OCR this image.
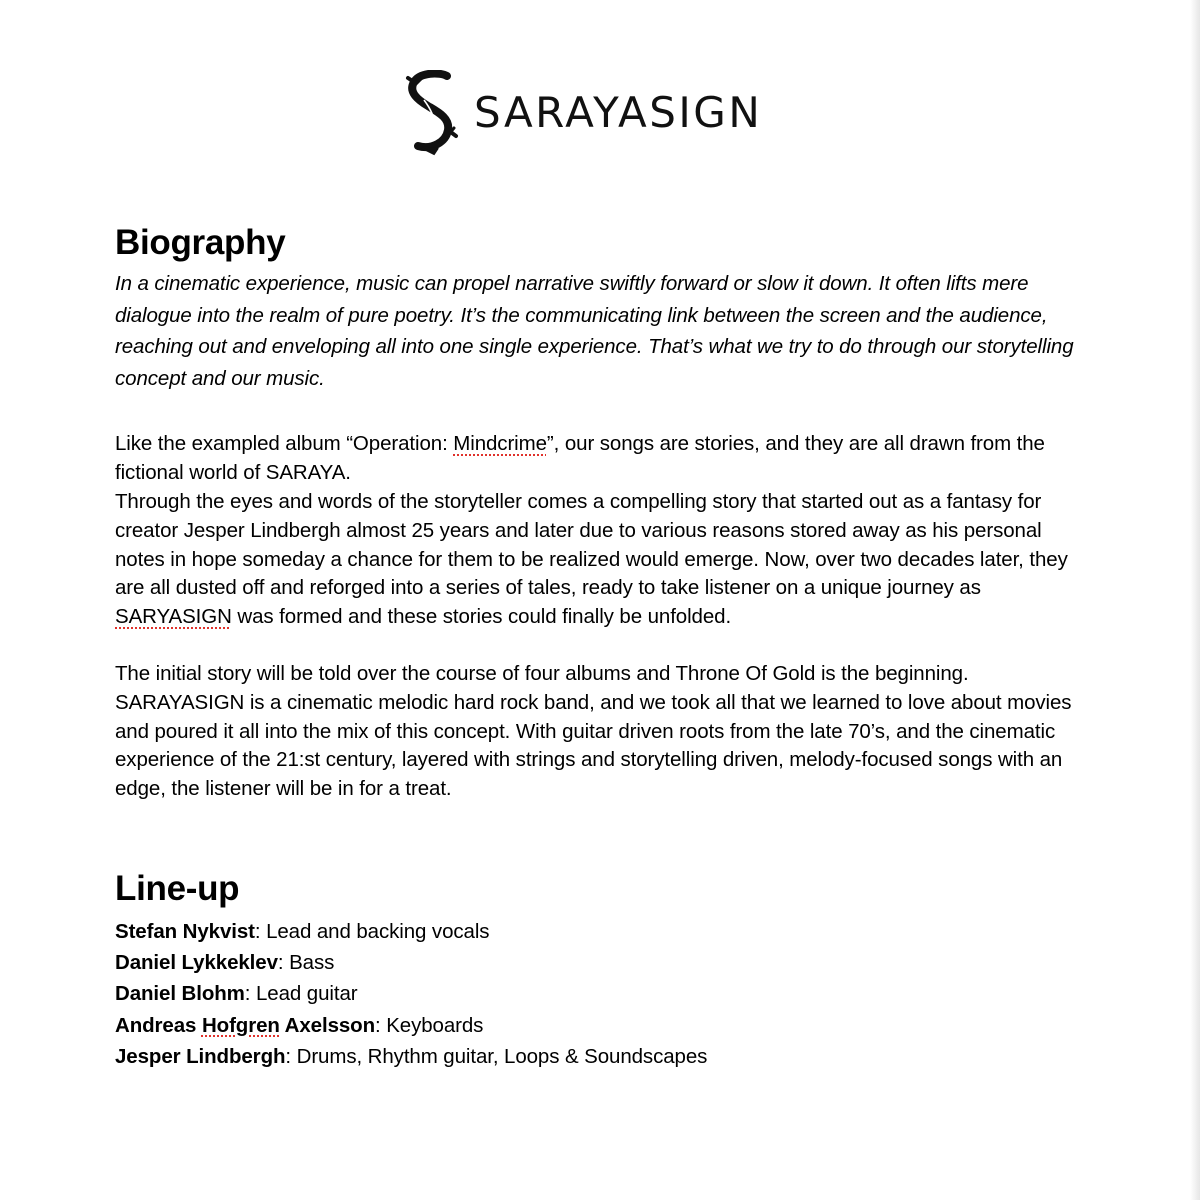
SARAYASIGN
Biography

In a cinematic experience, music can propel narrative swiftly forward or slow it down. It often lifts mere dialogue into the realm of pure poetry. It’s the communicating link between the screen and the audience, reaching out and enveloping all into one single experience. That’s what we try to do through our storytelling concept and our music.

Like the exampled album “Operation: Mindcrime”, our songs are stories, and they are all drawn from the fictional world of SARAYA.

Through the eyes and words of the storyteller comes a compelling story that started out as a fantasy for creator Jesper Lindbergh almost 25 years and later due to various reasons stored away as his personal notes in hope someday a chance for them to be realized would emerge. Now, over two decades later, they are all dusted off and reforged into a series of tales, ready to take listener on a unique journey as SARYASIGN was formed and these stories could finally be unfolded.

The initial story will be told over the course of four albums and Throne Of Gold is the beginning. SARAYASIGN is a cinematic melodic hard rock band, and we took all that we learned to love about movies and poured it all into the mix of this concept. With guitar driven roots from the late 70’s, and the cinematic experience of the 21:st century, layered with strings and storytelling driven, melody-focused songs with an edge, the listener will be in for a treat.

Line-up
Stefan Nykvist: Lead and backing vocals
Daniel Lykkeklev: Bass
Daniel Blohm: Lead guitar
Andreas Hofgren Axelsson: Keyboards
Jesper Lindbergh: Drums, Rhythm guitar, Loops & Soundscapes
